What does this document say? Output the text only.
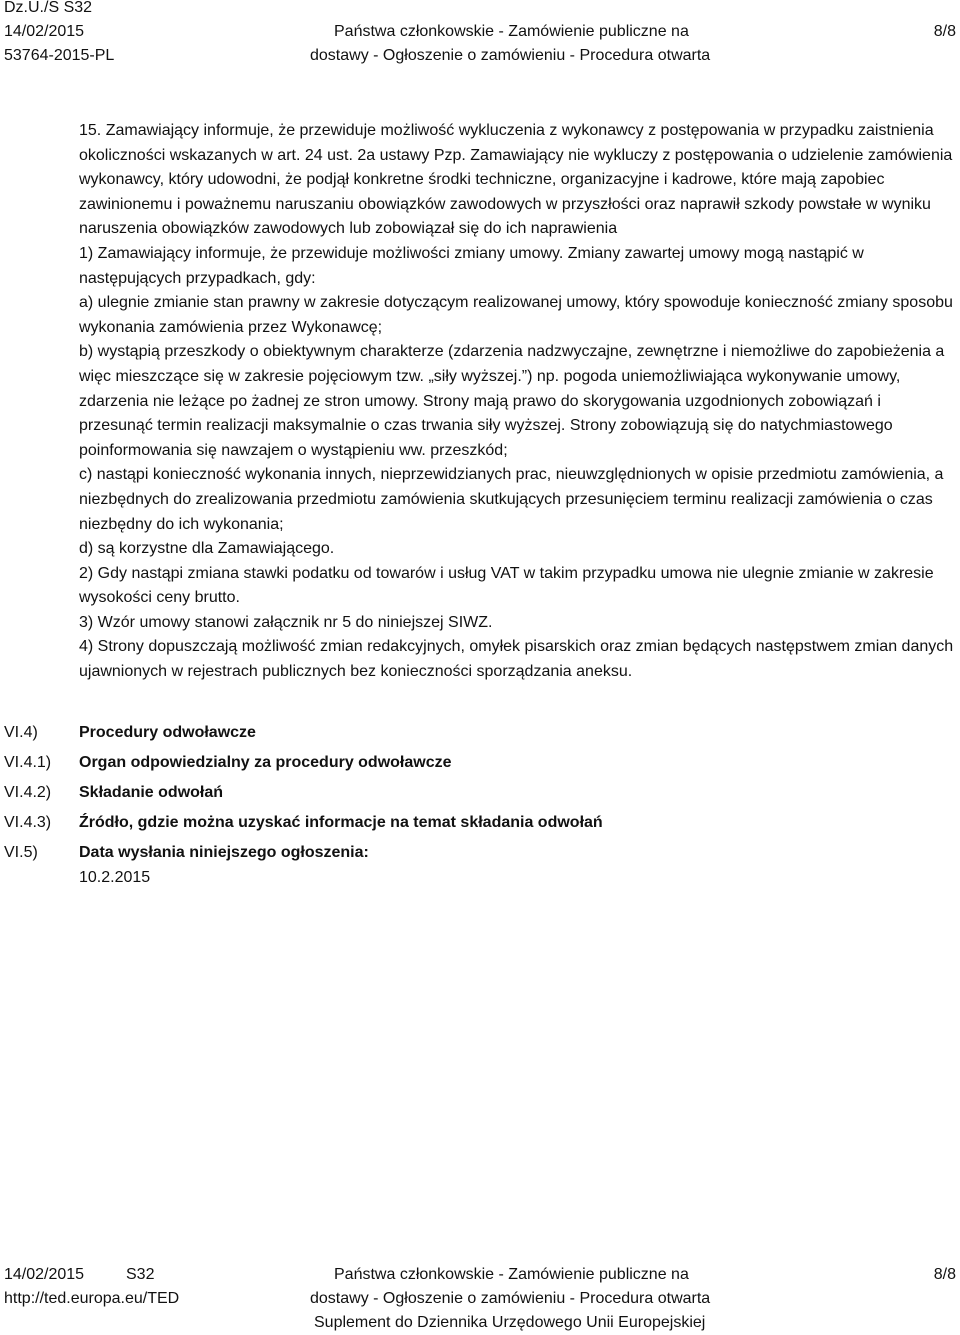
Dz.U./S S32
14/02/2015
53764-2015-PL
Państwa członkowskie - Zamówienie publiczne na
dostawy - Ogłoszenie o zamówieniu - Procedura otwarta
8/8

15. Zamawiający informuje, że przewiduje możliwość wykluczenia z wykonawcy z postępowania w przypadku zaistnienia okoliczności wskazanych w art. 24 ust. 2a ustawy Pzp. Zamawiający nie wykluczy z postępowania o udzielenie zamówienia wykonawcy, który udowodni, że podjął konkretne środki techniczne, organizacyjne i kadrowe, które mają zapobiec zawinionemu i poważnemu naruszaniu obowiązków zawodowych w przyszłości oraz naprawił szkody powstałe w wyniku naruszenia obowiązków zawodowych lub zobowiązał się do ich naprawienia

1) Zamawiający informuje, że przewiduje możliwości zmiany umowy. Zmiany zawartej umowy mogą nastąpić w następujących przypadkach, gdy:

a) ulegnie zmianie stan prawny w zakresie dotyczącym realizowanej umowy, który spowoduje konieczność zmiany sposobu wykonania zamówienia przez Wykonawcę;

b) wystąpią przeszkody o obiektywnym charakterze (zdarzenia nadzwyczajne, zewnętrzne i niemożliwe do zapobieżenia a więc mieszczące się w zakresie pojęciowym tzw. „siły wyższej.”) np. pogoda uniemożliwiająca wykonywanie umowy, zdarzenia nie leżące po żadnej ze stron umowy. Strony mają prawo do skorygowania uzgodnionych zobowiązań i przesunąć termin realizacji maksymalnie o czas trwania siły wyższej. Strony zobowiązują się do natychmiastowego poinformowania się nawzajem o wystąpieniu ww. przeszkód;

c) nastąpi konieczność wykonania innych, nieprzewidzianych prac, nieuwzględnionych w opisie przedmiotu zamówienia, a niezbędnych do zrealizowania przedmiotu zamówienia skutkujących przesunięciem terminu realizacji zamówienia o czas niezbędny do ich wykonania;

d) są korzystne dla Zamawiającego.

2) Gdy nastąpi zmiana stawki podatku od towarów i usług VAT w takim przypadku umowa nie ulegnie zmianie w zakresie wysokości ceny brutto.

3) Wzór umowy stanowi załącznik nr 5 do niniejszej SIWZ.

4) Strony dopuszczają możliwość zmian redakcyjnych, omyłek pisarskich oraz zmian będących następstwem zmian danych ujawnionych w rejestrach publicznych bez konieczności sporządzania aneksu.

VI.4)	Procedury odwoławcze
VI.4.1) Organ odpowiedzialny za procedury odwoławcze
VI.4.2) Składanie odwołań
VI.4.3) Źródło, gdzie można uzyskać informacje na temat składania odwołań
VI.5)	Data wysłania niniejszego ogłoszenia:
10.2.2015
14/02/2015	S32
http://ted.europa.eu/TED
Państwa członkowskie - Zamówienie publiczne na
dostawy - Ogłoszenie o zamówieniu - Procedura otwarta
Suplement do Dziennika Urzędowego Unii Europejskiej
8/8
